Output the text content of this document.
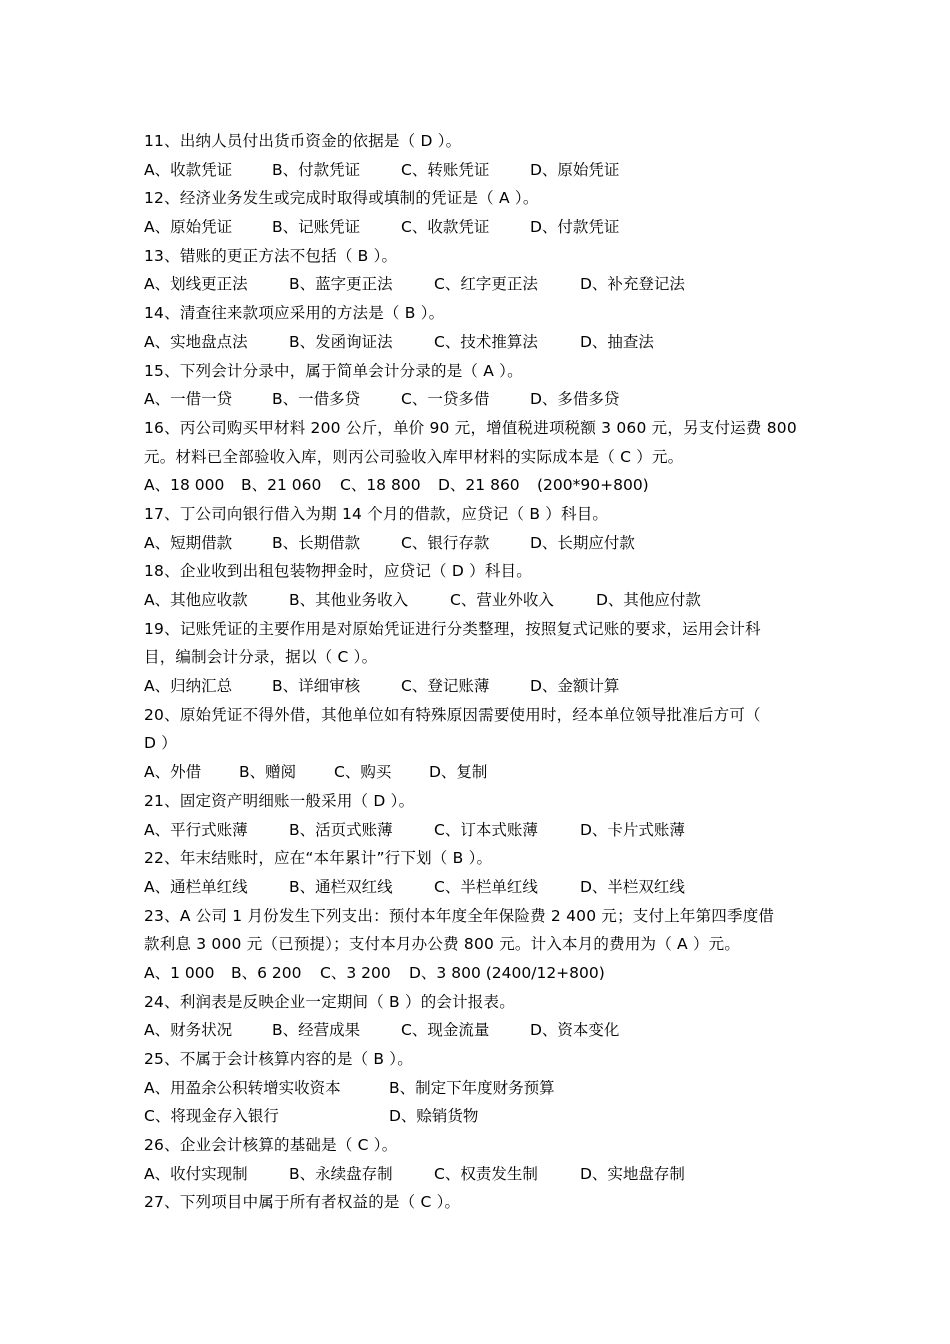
11、出纳人员付出货币资金的依据是（ D ）。
A、收款凭证	B、付款凭证	C、转账凭证	D、原始凭证
12、经济业务发生或完成时取得或填制的凭证是（ A ）。
A、原始凭证	B、记账凭证	C、收款凭证	D、付款凭证
13、错账的更正方法不包括（ B ）。
A、划线更正法	B、蓝字更正法	C、红字更正法	D、补充登记法
14、清查往来款项应采用的方法是（ B ）。
A、实地盘点法	B、发函询证法	C、技术推算法	D、抽查法
15、下列会计分录中，属于简单会计分录的是（ A ）。
A、一借一贷	B、一借多贷	C、一贷多借	D、多借多贷
16、丙公司购买甲材料 200 公斤，单价 90 元，增值税进项税额 3 060 元，另支付运费 800
元。材料已全部验收入库，则丙公司验收入库甲材料的实际成本是（ C ）元。
A、18 000 B、21 060 C、18 800 D、21 860 (200*90+800)
17、丁公司向银行借入为期 14 个月的借款，应贷记（ B ）科目。
A、短期借款	B、长期借款	C、银行存款	D、长期应付款
18、企业收到出租包装物押金时，应贷记（ D ）科目。
A、其他应收款	B、其他业务收入	C、营业外收入	D、其他应付款
19、记账凭证的主要作用是对原始凭证进行分类整理，按照复式记账的要求，运用会计科
目，编制会计分录，据以（ C ）。
A、归纳汇总	B、详细审核	C、登记账薄	D、金额计算
20、原始凭证不得外借，其他单位如有特殊原因需要使用时，经本单位领导批准后方可（
D ）
A、外借 B、赠阅 C、购买 D、复制
21、固定资产明细账一般采用（ D ）。
A、平行式账薄	B、活页式账薄	C、订本式账薄	D、卡片式账薄
22、年末结账时，应在“本年累计”行下划（ B ）。
A、通栏单红线	B、通栏双红线	C、半栏单红线	D、半栏双红线
23、A 公司 1 月份发生下列支出：预付本年度全年保险费 2 400 元；支付上年第四季度借
款利息 3 000 元（已预提）；支付本月办公费 800 元。计入本月的费用为（ A ）元。
A、1 000 B、6 200 C、3 200 D、3 800 (2400/12+800)
24、利润表是反映企业一定期间（ B ）的会计报表。
A、财务状况	B、经营成果	C、现金流量	D、资本变化
25、不属于会计核算内容的是（ B ）。
A、用盈余公积转增实收资本	B、制定下年度财务预算
C、将现金存入银行	D、赊销货物
26、企业会计核算的基础是（ C ）。
A、收付实现制	B、永续盘存制	C、权责发生制	D、实地盘存制
27、下列项目中属于所有者权益的是（ C ）。
